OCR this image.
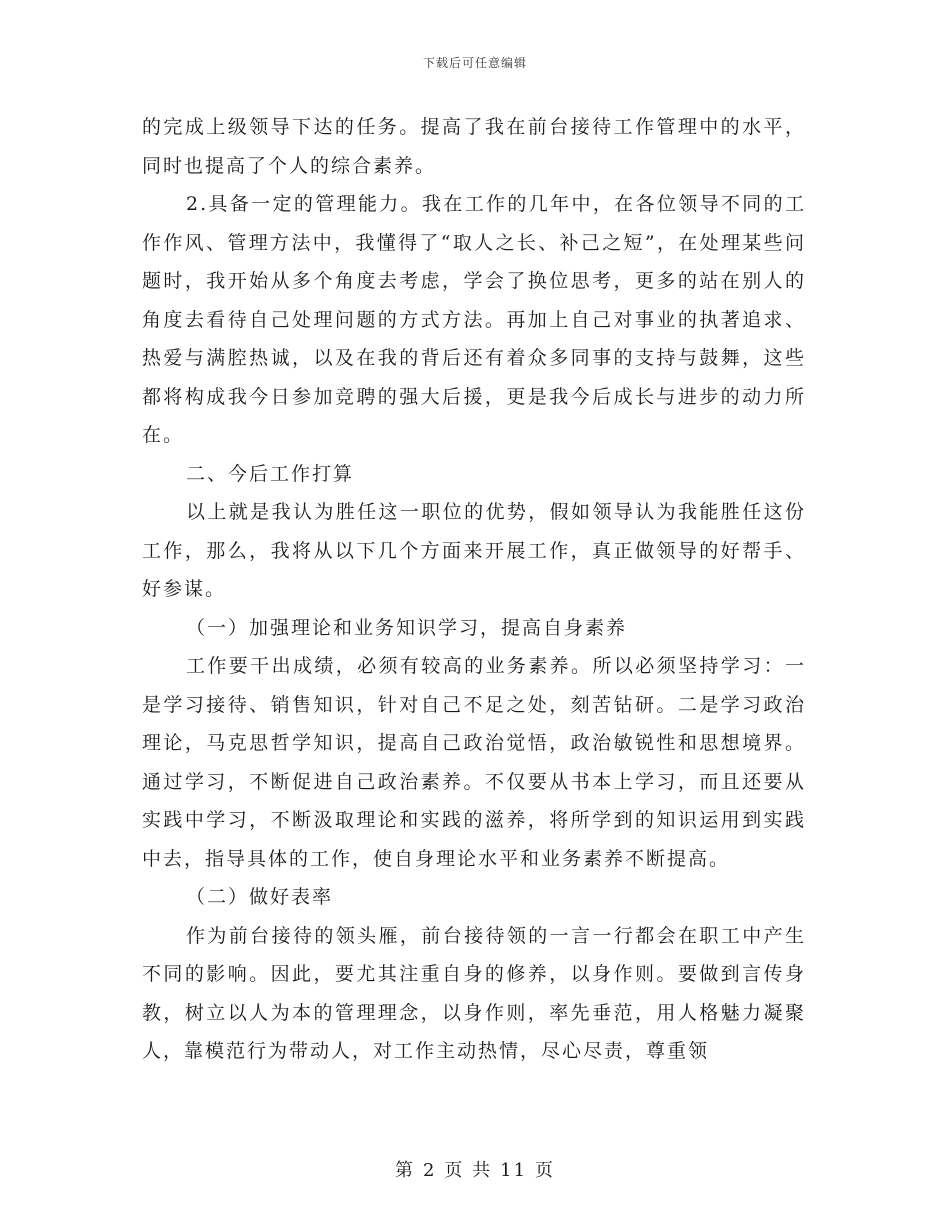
下载后可任意编辑

的完成上级领导下达的任务。提高了我在前台接待工作管理中的水平，同时也提高了个人的综合素养。

2.具备一定的管理能力。我在工作的几年中，在各位领导不同的工作作风、管理方法中，我懂得了“取人之长、补己之短”，在处理某些问题时，我开始从多个角度去考虑，学会了换位思考，更多的站在别人的角度去看待自己处理问题的方式方法。再加上自己对事业的执著追求、热爱与满腔热诚，以及在我的背后还有着众多同事的支持与鼓舞，这些都将构成我今日参加竞聘的强大后援，更是我今后成长与进步的动力所在。

二、今后工作打算

以上就是我认为胜任这一职位的优势，假如领导认为我能胜任这份工作，那么，我将从以下几个方面来开展工作，真正做领导的好帮手、好参谋。

（一）加强理论和业务知识学习，提高自身素养

工作要干出成绩，必须有较高的业务素养。所以必须坚持学习：一是学习接待、销售知识，针对自己不足之处，刻苦钻研。二是学习政治理论，马克思哲学知识，提高自己政治觉悟，政治敏锐性和思想境界。通过学习，不断促进自己政治素养。不仅要从书本上学习，而且还要从实践中学习，不断汲取理论和实践的滋养，将所学到的知识运用到实践中去，指导具体的工作，使自身理论水平和业务素养不断提高。

（二）做好表率

作为前台接待的领头雁，前台接待领的一言一行都会在职工中产生不同的影响。因此，要尤其注重自身的修养，以身作则。要做到言传身教，树立以人为本的管理理念，以身作则，率先垂范，用人格魅力凝聚人，靠模范行为带动人，对工作主动热情，尽心尽责，尊重领

第 2 页 共 11 页
